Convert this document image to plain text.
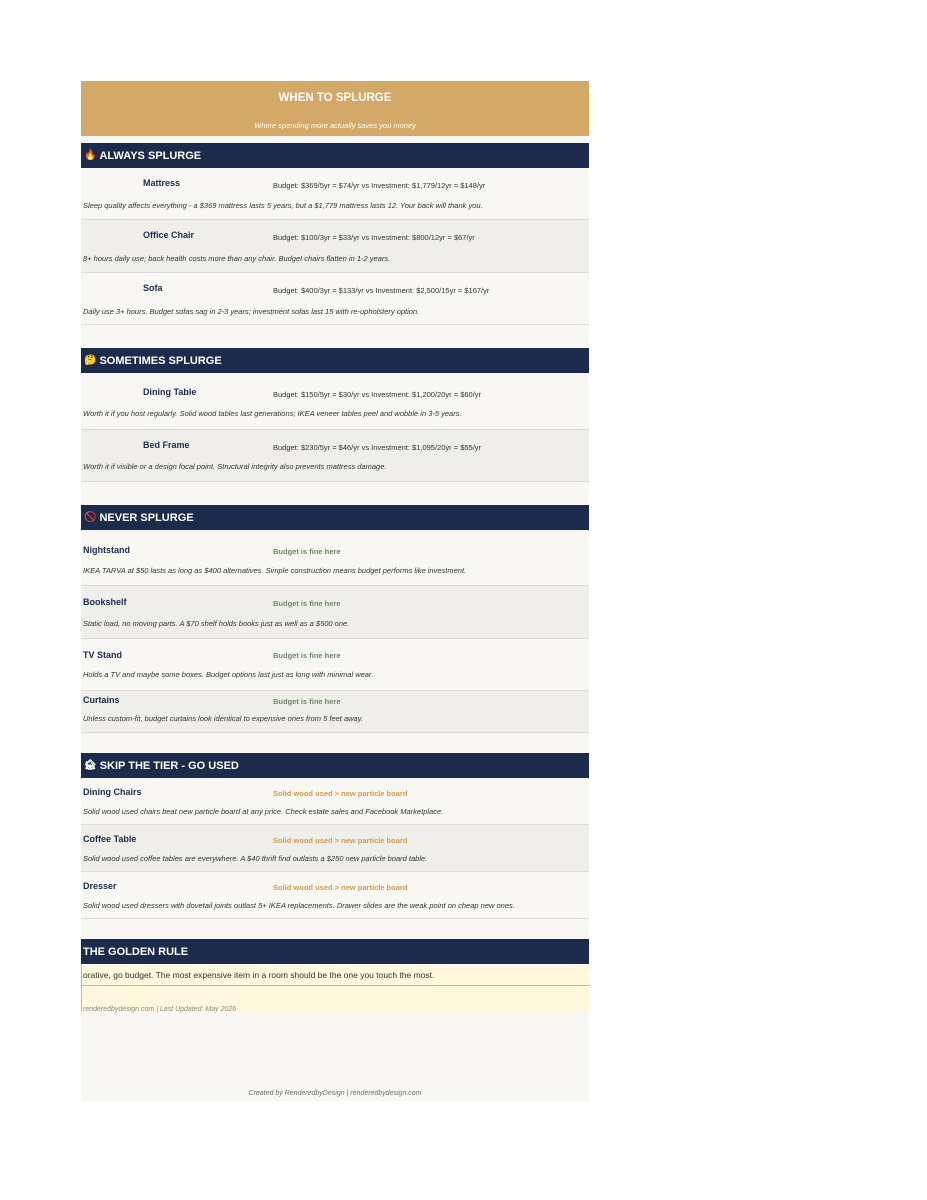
WHEN TO SPLURGE
Where spending more actually saves you money
🔥 ALWAYS SPLURGE
Mattress	Budget: $369/5yr = $74/yr vs Investment: $1,779/12yr = $148/yr
Sleep quality affects everything - a $369 mattress lasts 5 years, but a $1,779 mattress lasts 12. Your back will thank you.
Office Chair	Budget: $100/3yr = $33/yr vs Investment: $800/12yr = $67/yr
8+ hours daily use; back health costs more than any chair. Budget chairs flatten in 1-2 years.
Sofa	Budget: $400/3yr = $133/yr vs Investment: $2,500/15yr = $167/yr
Daily use 3+ hours. Budget sofas sag in 2-3 years; investment sofas last 15 with re-upholstery option.
🤔 SOMETIMES SPLURGE
Dining Table	Budget: $150/5yr = $30/yr vs Investment: $1,200/20yr = $60/yr
Worth it if you host regularly. Solid wood tables last generations; IKEA veneer tables peel and wobble in 3-5 years.
Bed Frame	Budget: $230/5yr = $46/yr vs Investment: $1,095/20yr = $55/yr
Worth it if visible or a design focal point. Structural integrity also prevents mattress damage.
🚫 NEVER SPLURGE
Nightstand	Budget is fine here
IKEA TARVA at $50 lasts as long as $400 alternatives. Simple construction means budget performs like investment.
Bookshelf	Budget is fine here
Static load, no moving parts. A $70 shelf holds books just as well as a $500 one.
TV Stand	Budget is fine here
Holds a TV and maybe some boxes. Budget options last just as long with minimal wear.
Curtains	Budget is fine here
Unless custom-fit, budget curtains look identical to expensive ones from 5 feet away.
🏚 SKIP THE TIER - GO USED
Dining Chairs	Solid wood used > new particle board
Solid wood used chairs beat new particle board at any price. Check estate sales and Facebook Marketplace.
Coffee Table	Solid wood used > new particle board
Solid wood used coffee tables are everywhere. A $40 thrift find outlasts a $250 new particle board table.
Dresser	Solid wood used > new particle board
Solid wood used dressers with dovetail joints outlast 5+ IKEA replacements. Drawer slides are the weak point on cheap new ones.
THE GOLDEN RULE
orative, go budget. The most expensive item in a room should be the one you touch the most.
renderedbydesign.com | Last Updated: May 2026
Created by RenderedbyDesign | renderedbydesign.com
